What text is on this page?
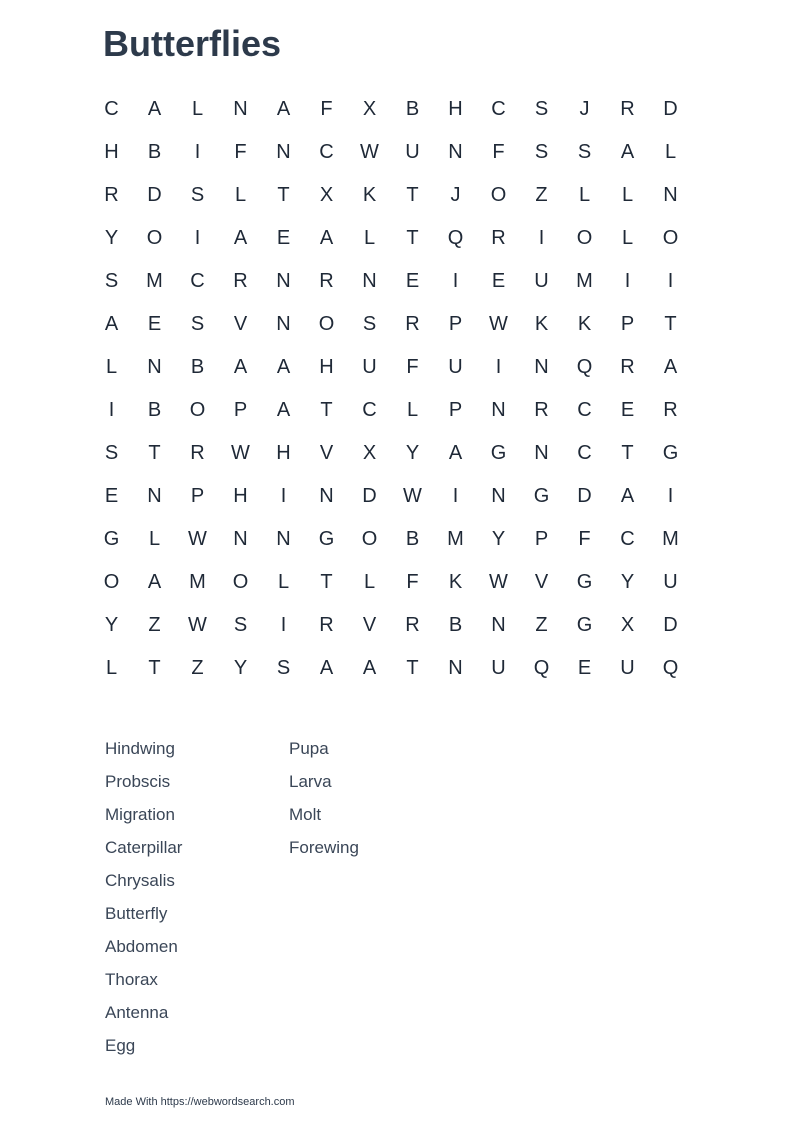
Butterflies
C	A	L	N	A	F	X	B	H	C	S	J	R	D
H	B	I	F	N	C	W	U	N	F	S	S	A	L
R	D	S	L	T	X	K	T	J	O	Z	L	L	N
Y	O	I	A	E	A	L	T	Q	R	I	O	L	O
S	M	C	R	N	R	N	E	I	E	U	M	I	I
A	E	S	V	N	O	S	R	P	W	K	K	P	T
L	N	B	A	A	H	U	F	U	I	N	Q	R	A
I	B	O	P	A	T	C	L	P	N	R	C	E	R
S	T	R	W	H	V	X	Y	A	G	N	C	T	G
E	N	P	H	I	N	D	W	I	N	G	D	A	I
G	L	W	N	N	G	O	B	M	Y	P	F	C	M
O	A	M	O	L	T	L	F	K	W	V	G	Y	U
Y	Z	W	S	I	R	V	R	B	N	Z	G	X	D
L	T	Z	Y	S	A	A	T	N	U	Q	E	U	Q
Hindwing
Probscis
Migration
Caterpillar
Chrysalis
Butterfly
Abdomen
Thorax
Antenna
Egg
Pupa
Larva
Molt
Forewing
Made With https://webwordsearch.com
